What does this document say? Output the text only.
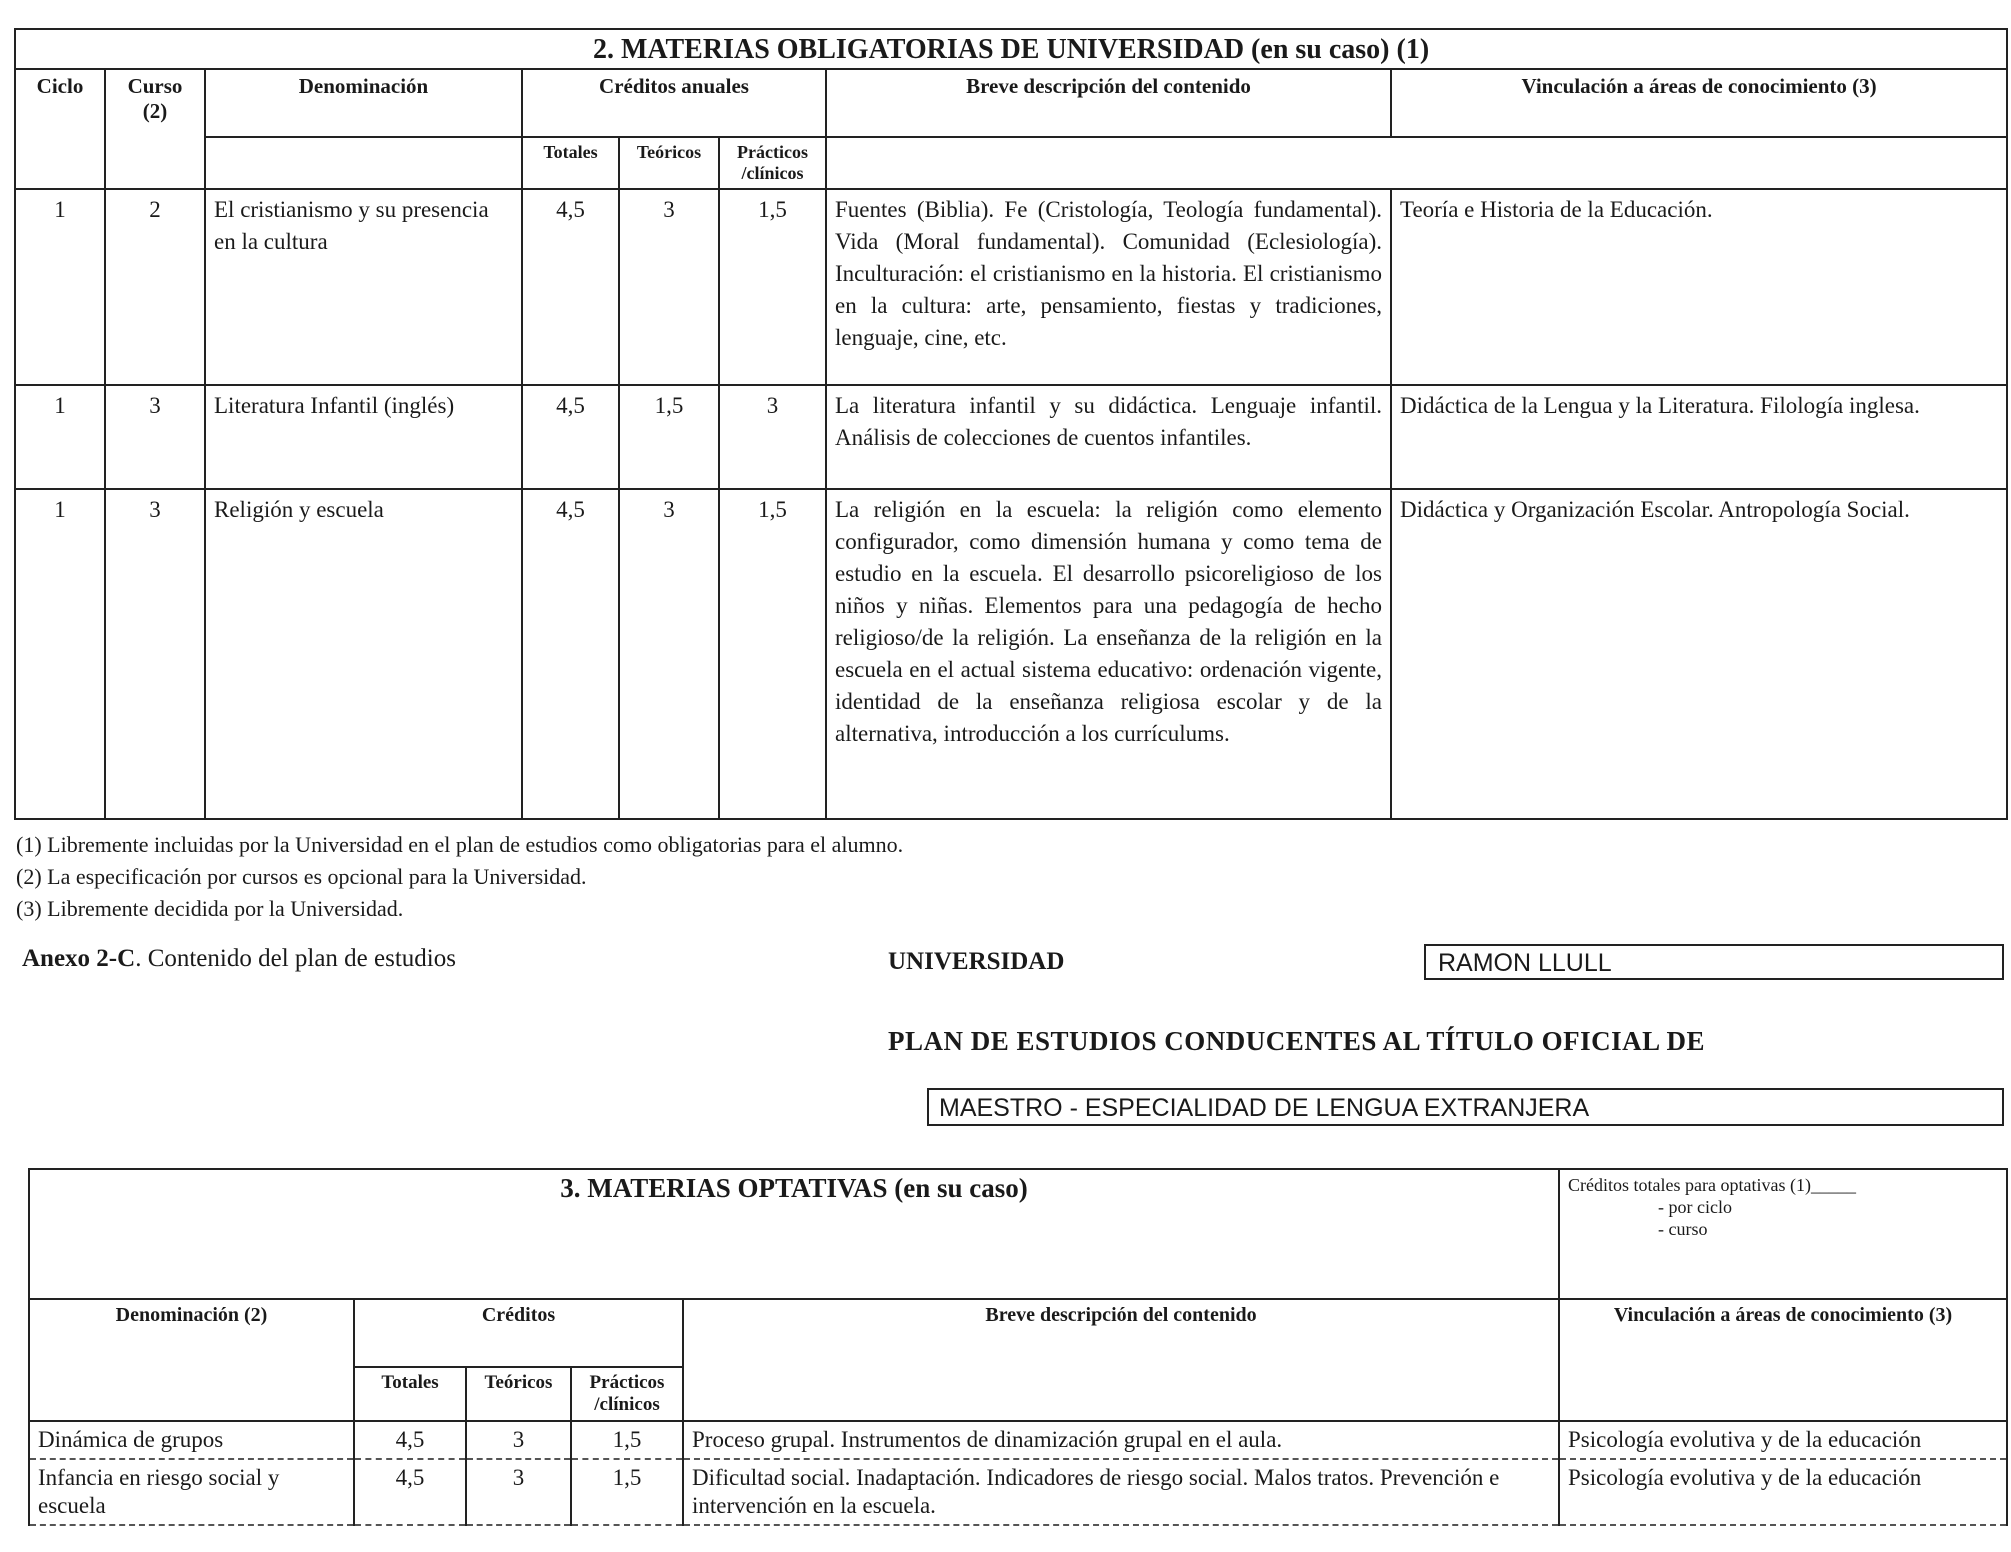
2. MATERIAS OBLIGATORIAS DE UNIVERSIDAD (en su caso) (1)							
Ciclo	Curso (2)	Denominación	Créditos anuales			Breve descripción del contenido	Vinculación a áreas de conocimiento (3)
			Totales	Teóricos	Prácticos /clínicos		
1	2	El cristianismo y su presencia en la cultura	4,5	3	1,5	Fuentes (Biblia). Fe (Cristología, Teología fundamental). Vida (Moral fundamental). Comunidad (Eclesiología). Inculturación: el cristianismo en la historia. El cristianismo en la cultura: arte, pensamiento, fiestas y tradiciones, lenguaje, cine, etc.	Teoría e Historia de la Educación.
1	3	Literatura Infantil (inglés)	4,5	1,5	3	La literatura infantil y su didáctica. Lenguaje infantil. Análisis de colecciones de cuentos infantiles.	Didáctica de la Lengua y la Literatura. Filología inglesa.
1	3	Religión y escuela	4,5	3	1,5	La religión en la escuela: la religión como elemento configurador, como dimensión humana y como tema de estudio en la escuela. El desarrollo psicoreligioso de los niños y niñas. Elementos para una pedagogía de hecho religioso/de la religión. La enseñanza de la religión en la escuela en el actual sistema educativo: ordenación vigente, identidad de la enseñanza religiosa escolar y de la alternativa, introducción a los currículums.	Didáctica y Organización Escolar. Antropología Social.
(1) Libremente incluidas por la Universidad en el plan de estudios como obligatorias para el alumno.
(2) La especificación por cursos es opcional para la Universidad.
(3) Libremente decidida por la Universidad.
Anexo 2-C. Contenido del plan de estudios	UNIVERSIDAD	RAMON LLULL
PLAN DE ESTUDIOS CONDUCENTES AL TÍTULO OFICIAL DE
MAESTRO - ESPECIALIDAD DE LENGUA EXTRANJERA
3. MATERIAS OPTATIVAS (en su caso)					Créditos totales para optativas (1)_____
- por ciclo
- curso

Denominación (2)	Créditos			Breve descripción del contenido	Vinculación a áreas de conocimiento (3)
	Totales	Teóricos	Prácticos /clínicos		
Dinámica de grupos	4,5	3	1,5	Proceso grupal. Instrumentos de dinamización grupal en el aula.	Psicología evolutiva y de la educación
Infancia en riesgo social y escuela	4,5	3	1,5	Dificultad social. Inadaptación. Indicadores de riesgo social. Malos tratos. Prevención e intervención en la escuela.	Psicología evolutiva y de la educación
